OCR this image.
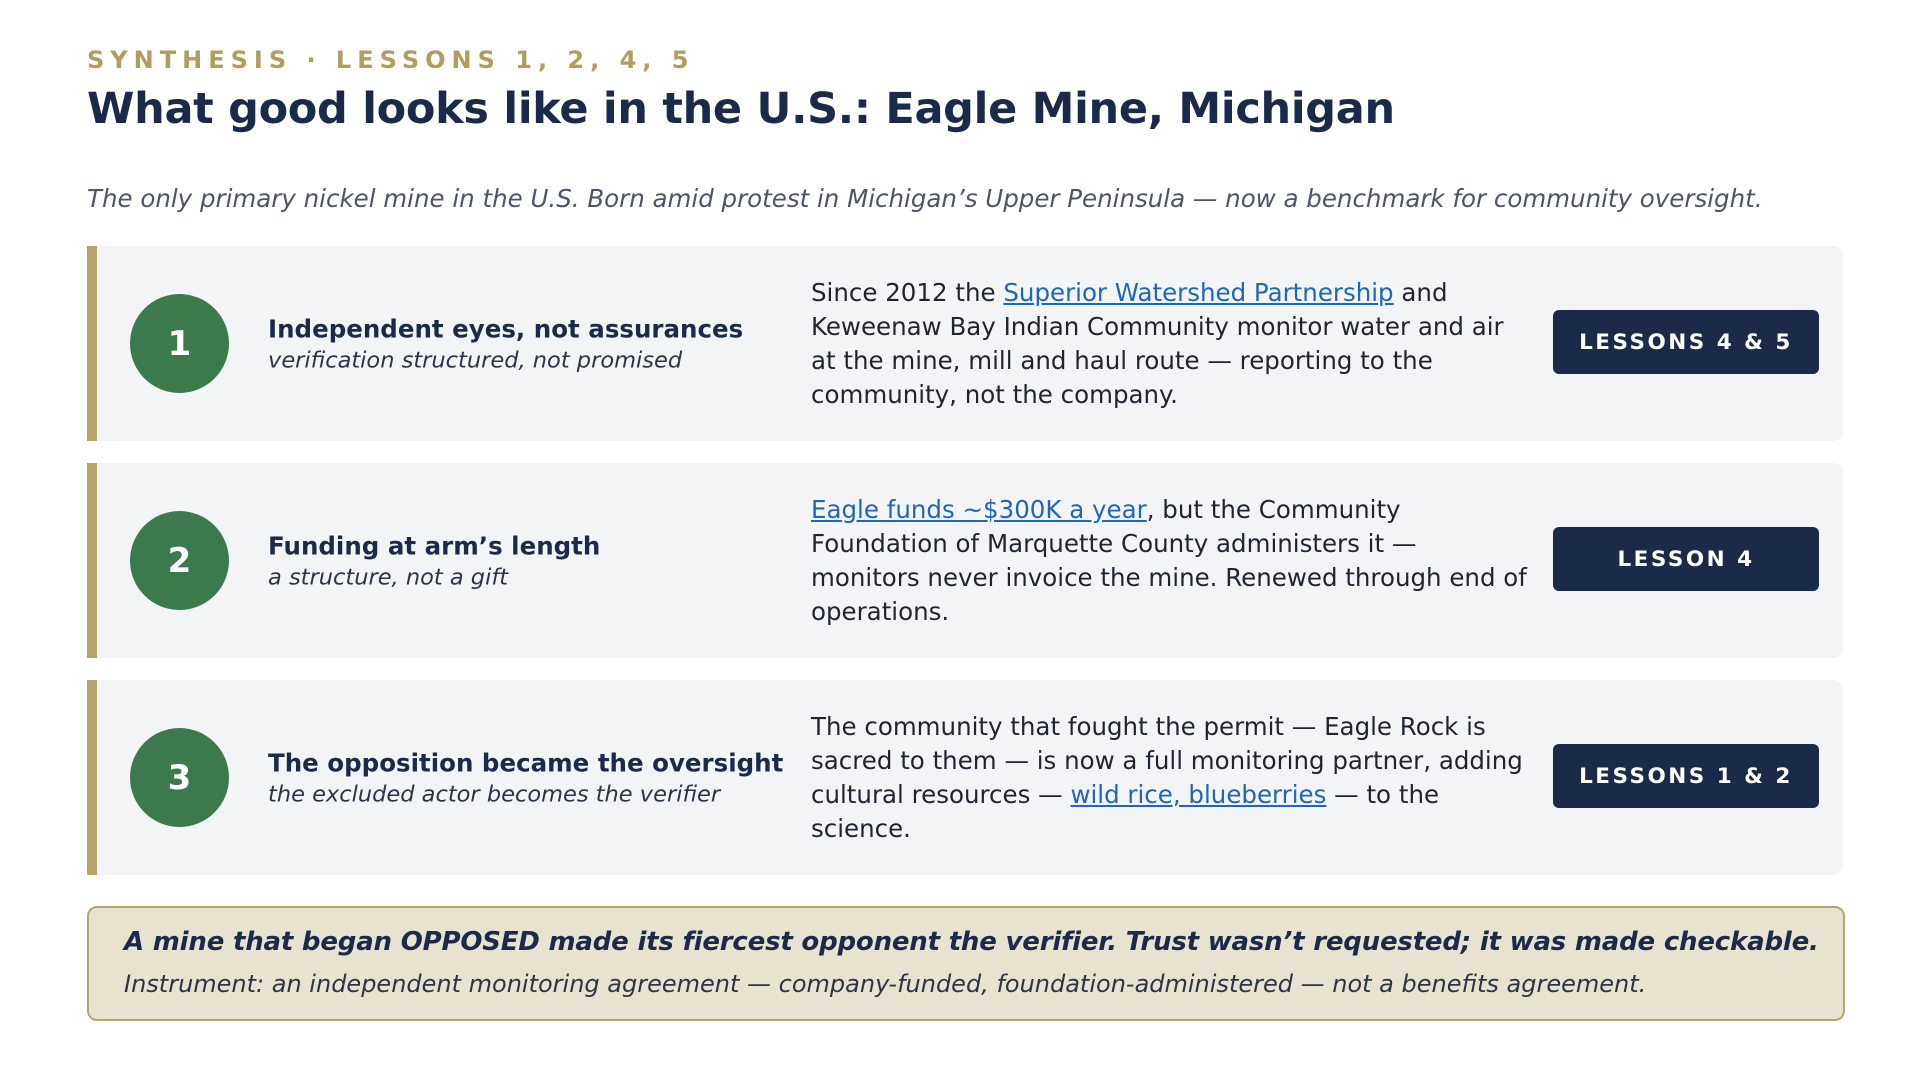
SYNTHESIS · LESSONS 1, 2, 4, 5
What good looks like in the U.S.: Eagle Mine, Michigan
The only primary nickel mine in the U.S. Born amid protest in Michigan’s Upper Peninsula — now a benchmark for community oversight.
1	Independent eyes, not assurances
verification structured, not promised
Since 2012 the Superior Watershed Partnership and Keweenaw Bay Indian Community monitor water and air at the mine, mill and haul route — reporting to the community, not the company.
LESSONS 4 & 5
2	Funding at arm’s length
a structure, not a gift
Eagle funds ~$300K a year, but the Community Foundation of Marquette County administers it — monitors never invoice the mine. Renewed through end of operations.
LESSON 4
3	The opposition became the oversight
the excluded actor becomes the verifier
The community that fought the permit — Eagle Rock is sacred to them — is now a full monitoring partner, adding cultural resources — wild rice, blueberries — to the science.
LESSONS 1 & 2
A mine that began OPPOSED made its fiercest opponent the verifier. Trust wasn’t requested; it was made checkable.
Instrument: an independent monitoring agreement — company-funded, foundation-administered — not a benefits agreement.
